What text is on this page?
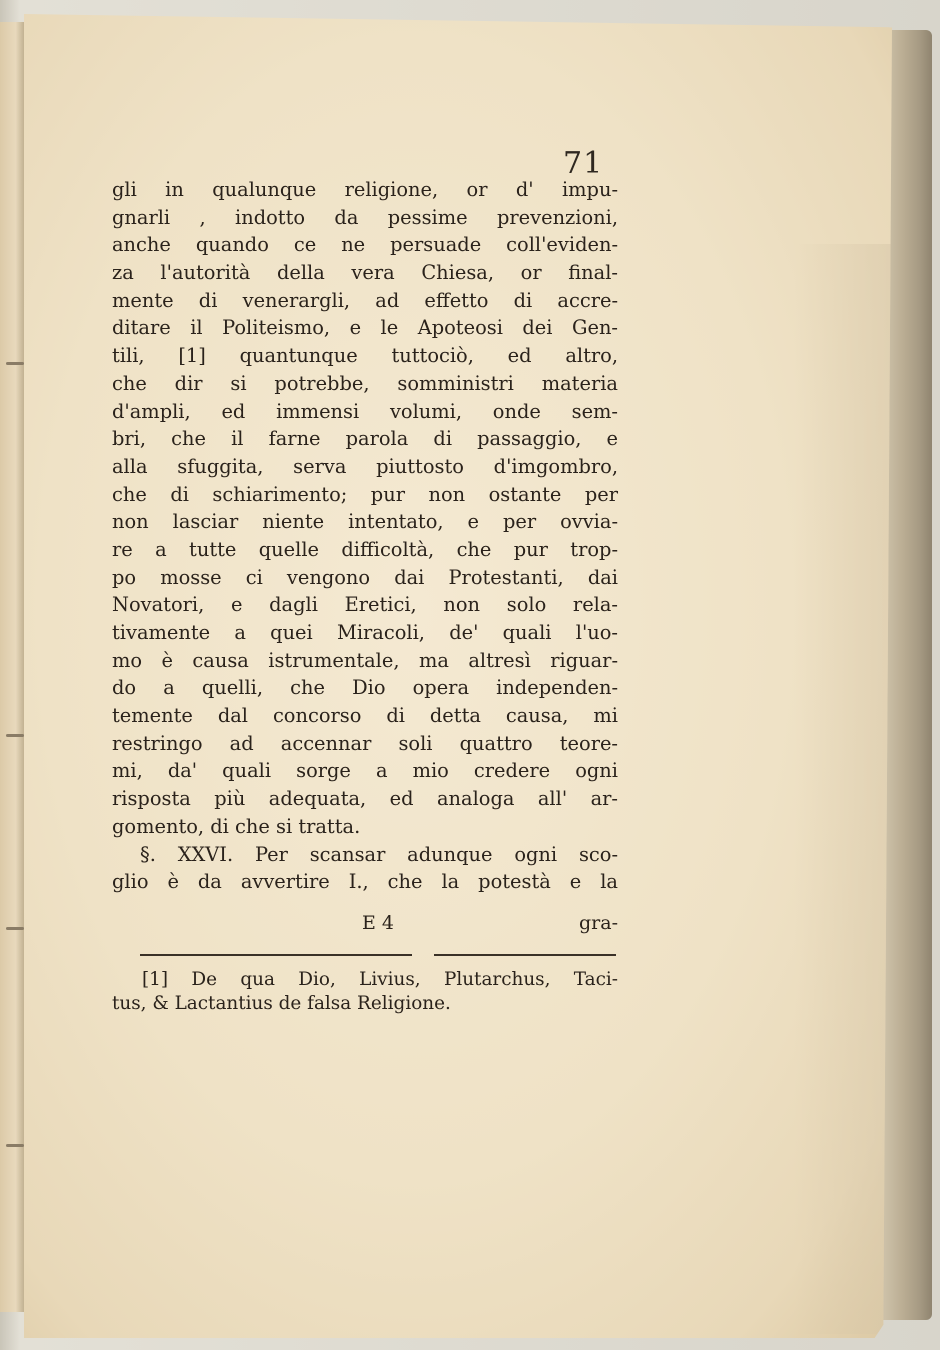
71
gli in qualunque religione, or d' impu-
gnarli , indotto da pessime prevenzioni,
anche quando ce ne persuade coll'eviden-
za l'autorità della vera Chiesa, or final-
mente di venerargli, ad effetto di accre-
ditare il Politeismo, e le Apoteosi dei Gen-
tili, [1] quantunque tuttociò, ed altro,
che dir si potrebbe, somministri materia
d'ampli, ed immensi volumi, onde sem-
bri, che il farne parola di passaggio, e
alla sfuggita, serva piuttosto d'imgombro,
che di schiarimento; pur non ostante per
non lasciar niente intentato, e per ovvia-
re a tutte quelle difficoltà, che pur trop-
po mosse ci vengono dai Protestanti, dai
Novatori, e dagli Eretici, non solo rela-
tivamente a quei Miracoli, de' quali l'uo-
mo è causa istrumentale, ma altresì riguar-
do a quelli, che Dio opera independen-
temente dal concorso di detta causa, mi
restringo ad accennar soli quattro teore-
mi, da' quali sorge a mio credere ogni
risposta più adequata, ed analoga all' ar-
gomento, di che si tratta.
§. XXVI. Per scansar adunque ogni sco-
glio è da avvertire I., che la potestà e la
E 4	gra-
[1] De qua Dio, Livius, Plutarchus, Taci-
tus, & Lactantius de falsa Religione.
